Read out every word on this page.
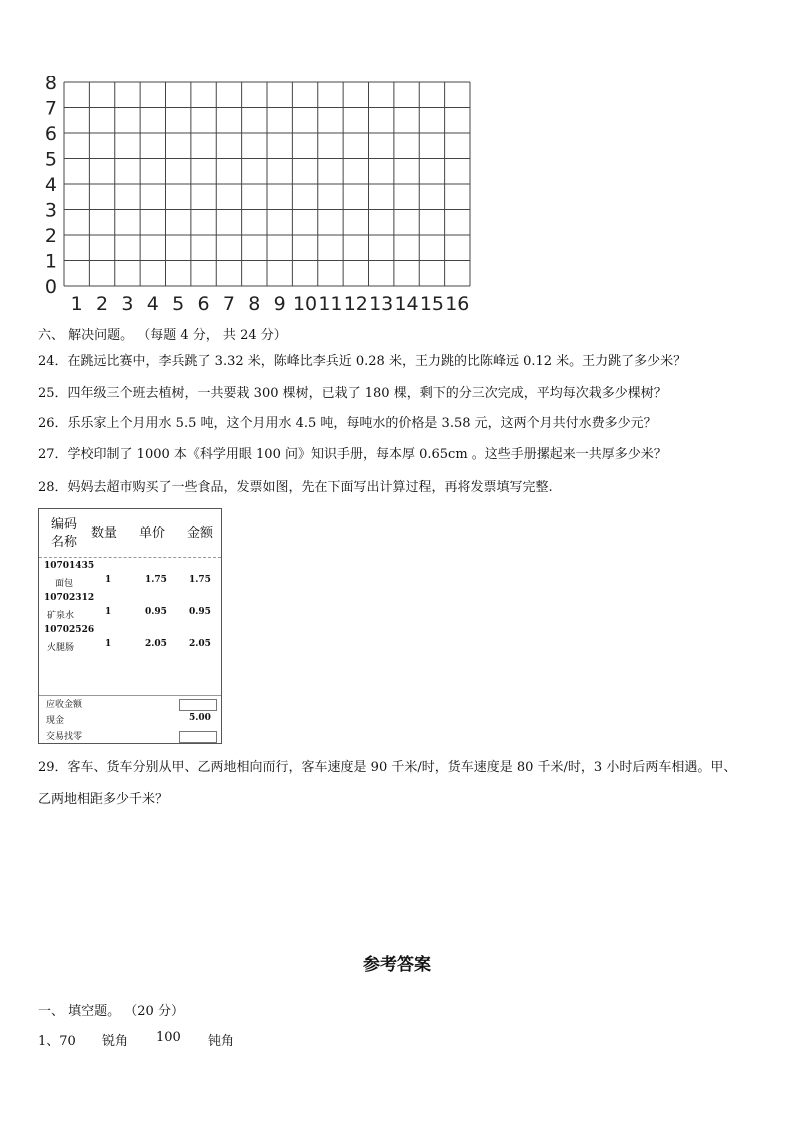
0
1
2
3
4
5
6
7
8
1 2 3 4 5 6 7 8 9 10 11 12 13 14 15 16
六、 解决问题。 （每题 4 分， 共 24 分）
24．在跳远比赛中，李兵跳了 3.32 米，陈峰比李兵近 0.28 米，王力跳的比陈峰远 0.12 米。王力跳了多少米？
25．四年级三个班去植树，一共要栽 300 棵树，已栽了 180 棵，剩下的分三次完成，平均每次栽多少棵树？
26．乐乐家上个月用水 5.5 吨，这个月用水 4.5 吨，每吨水的价格是 3.58 元，这两个月共付水费多少元？
27．学校印制了 1000 本《科学用眼 100 问》知识手册，每本厚 0.65cm 。这些手册摞起来一共厚多少米？
28．妈妈去超市购买了一些食品，发票如图，先在下面写出计算过程，再将发票填写完整.
编码
名称
数量 单价 金额
10701435
面包	1	1.75 1.75
10702312
矿泉水	1	0.95 0.95
10702526
火腿肠	1	2.05 2.05
应收金额
现金	5.00
交易找零
29．客车、货车分别从甲、乙两地相向而行，客车速度是 90 千米/时，货车速度是 80 千米/时，3 小时后两车相遇。甲、
乙两地相距多少千米？
参考答案
一、 填空题。 （20 分）
1、70 锐角 100 钝角
